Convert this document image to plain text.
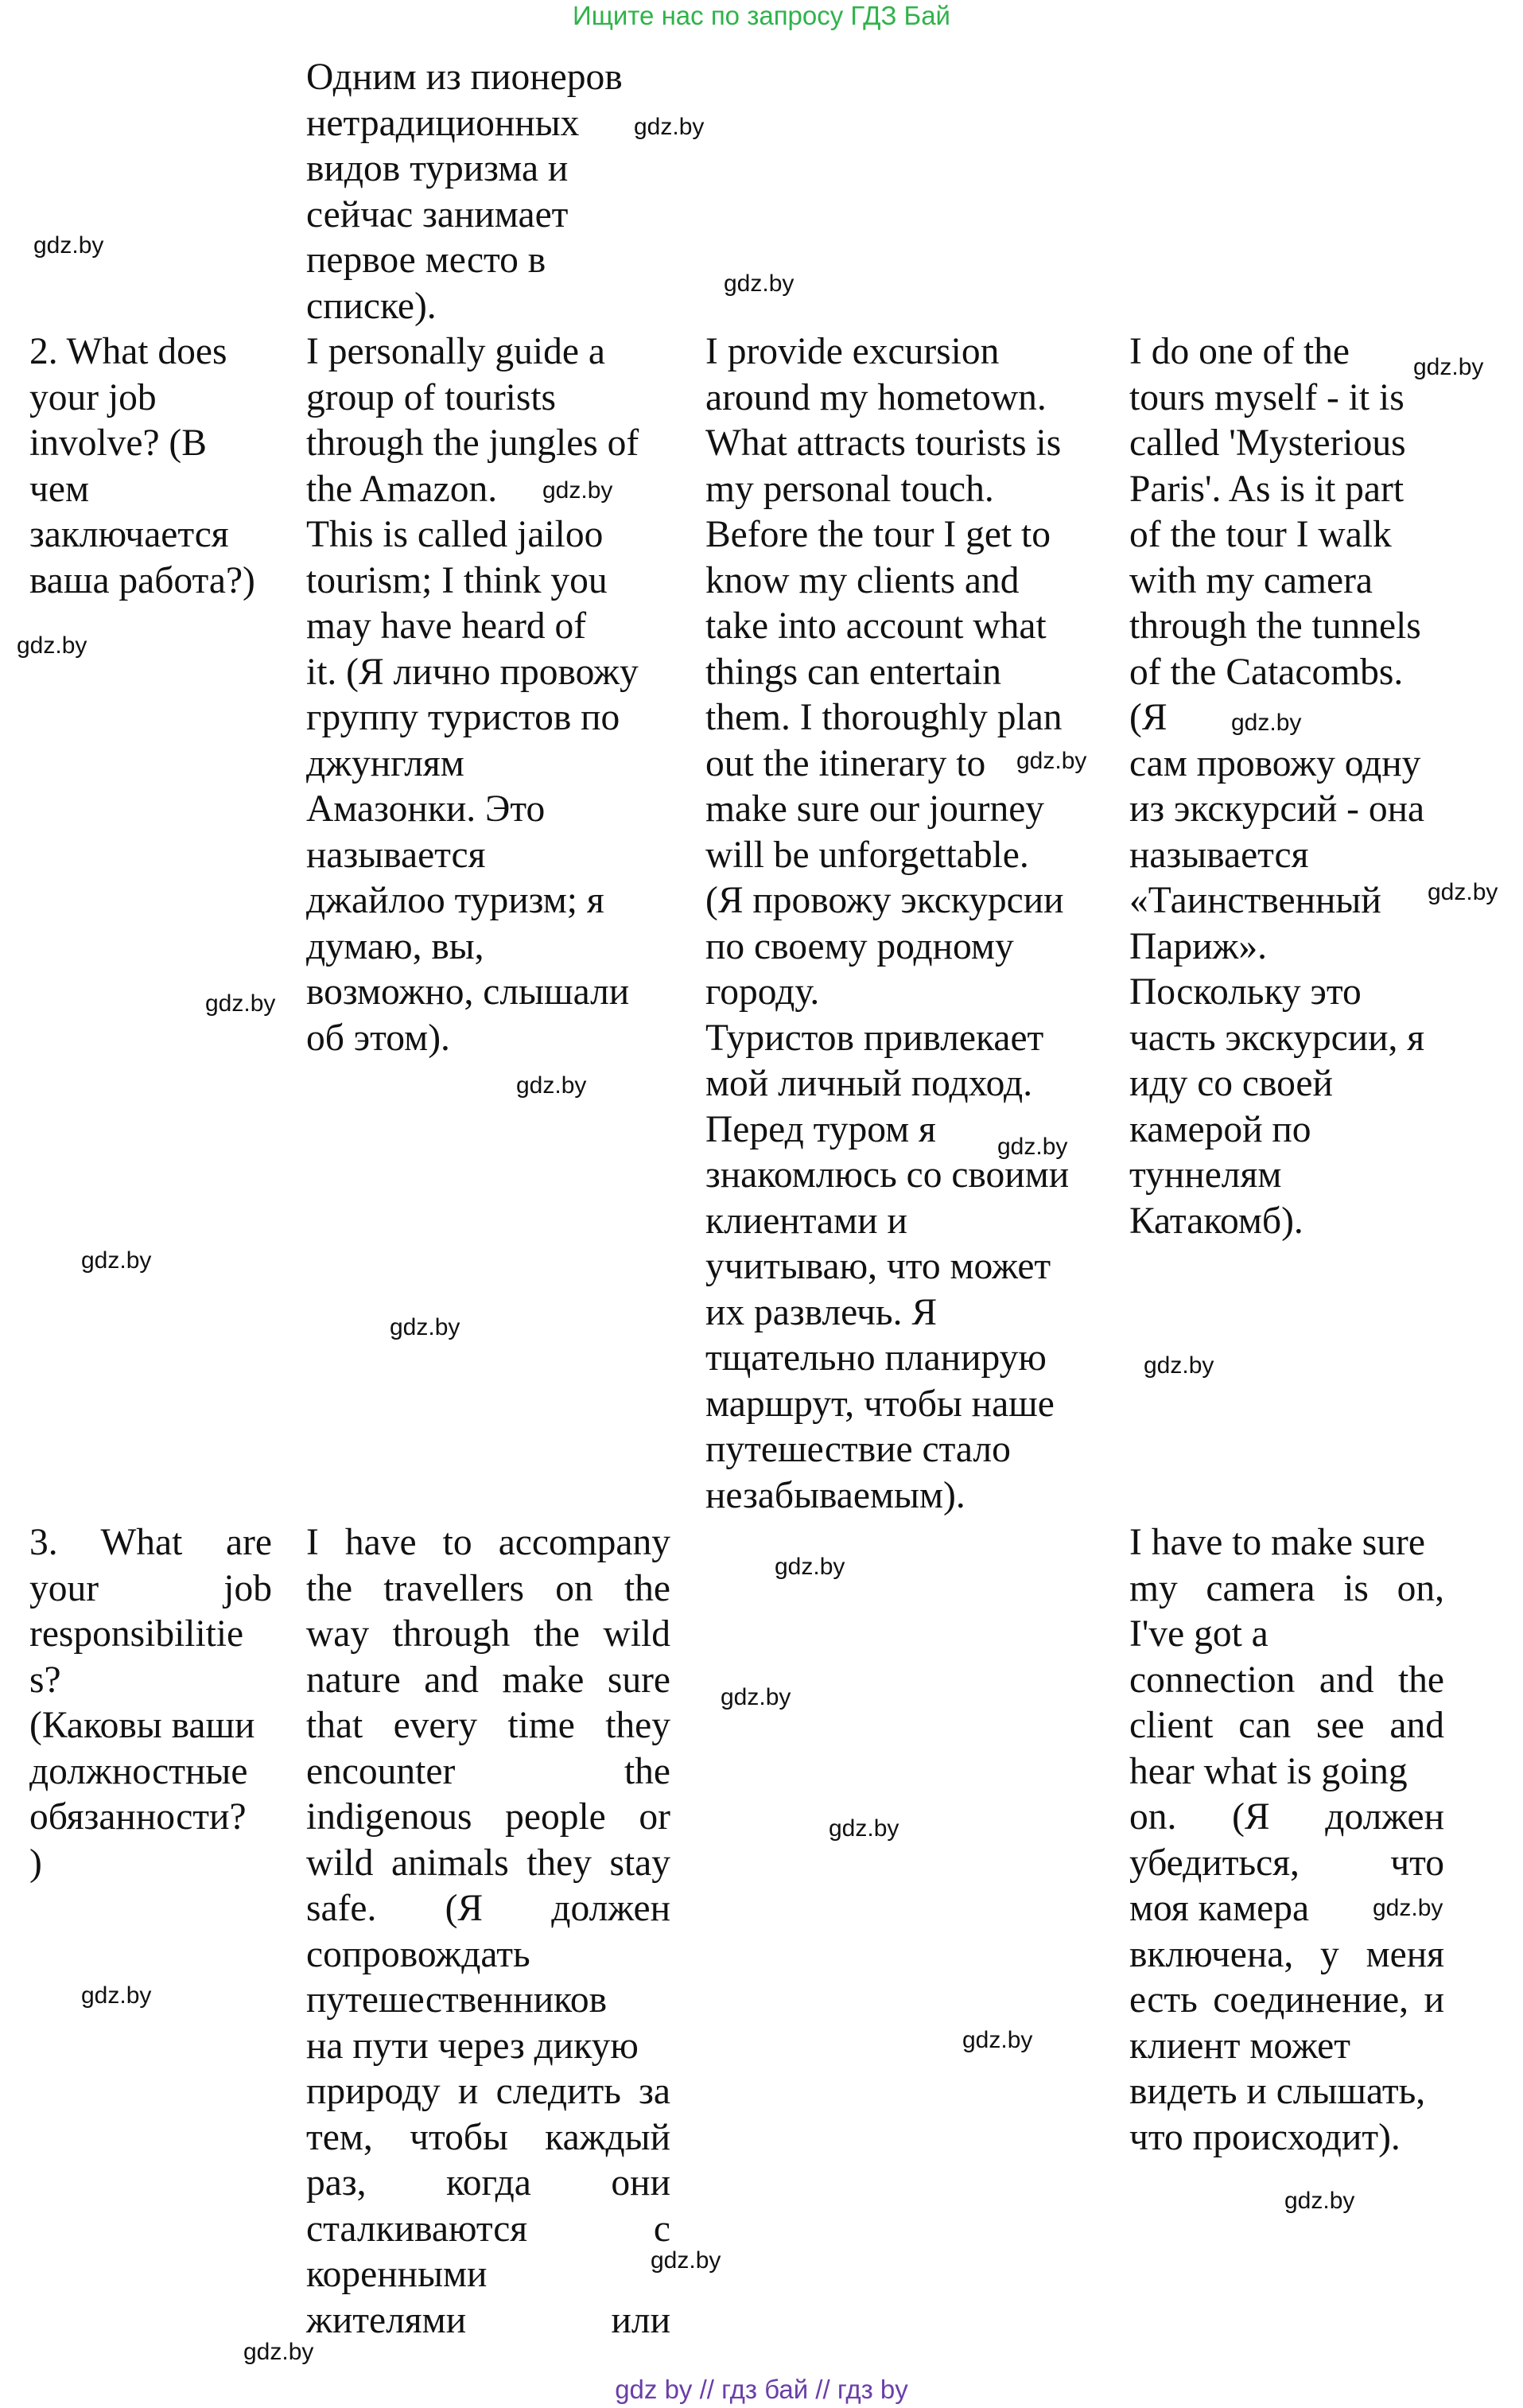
Ищите нас по запросу ГДЗ Бай

Одним из пионеров

нетрадиционных

видов туризма и

сейчас занимает

первое место в

списке).

2. What does

your job

involve? (В

чем

заключается

ваша работа?)

I personally guide a

group of tourists

through the jungles of

the Amazon.

This is called jailoo

tourism; I think you

may have heard of

it. (Я лично провожу

группу туристов по

джунглям

Амазонки. Это

называется

джайлоо туризм; я

думаю, вы,

возможно, слышали

об этом).

I provide excursion

around my hometown.

What attracts tourists is

my personal touch.

Before the tour I get to

know my clients and

take into account what

things can entertain

them. I thoroughly plan

out the itinerary to

make sure our journey

will be unforgettable.

(Я провожу экскурсии

по своему родному

городу.

Туристов привлекает

мой личный подход.

Перед туром я

знакомлюсь со своими

клиентами и

учитываю, что может

их развлечь. Я

тщательно планирую

маршрут, чтобы наше

путешествие стало

незабываемым).

I do one of the

tours myself - it is

called 'Mysterious

Paris'. As is it part

of the tour I walk

with my camera

through the tunnels

of the Catacombs.

(Я

сам провожу одну

из экскурсий - она

называется

«Таинственный

Париж».

Поскольку это

часть экскурсии, я

иду со своей

камерой по

туннелям

Катакомб).

3. What are

your job

responsibilitie

s?

(Каковы ваши

должностные

обязанности?

)

I have to accompany

the travellers on the

way through the wild

nature and make sure

that every time they

encounter the

indigenous people or

wild animals they stay

safe. (Я должен

сопровождать

путешественников

на пути через дикую

природу и следить за

тем, чтобы каждый

раз, когда они

сталкиваются с

коренными

жителями или

I have to make sure

my camera is on,

I've got a

connection and the

client can see and

hear what is going

on. (Я должен

убедиться, что

моя камера

включена, у меня

есть соединение, и

клиент может

видеть и слышать,

что происходит).

gdz.by
gdz.by
gdz.by
gdz.by
gdz.by
gdz.by
gdz.by
gdz.by
gdz.by
gdz.by
gdz.by
gdz.by
gdz.by
gdz.by
gdz.by
gdz.by
gdz.by
gdz.by
gdz.by
gdz.by
gdz.by
gdz.by
gdz.by
gdz.by
gdz by // гдз бай // гдз by
